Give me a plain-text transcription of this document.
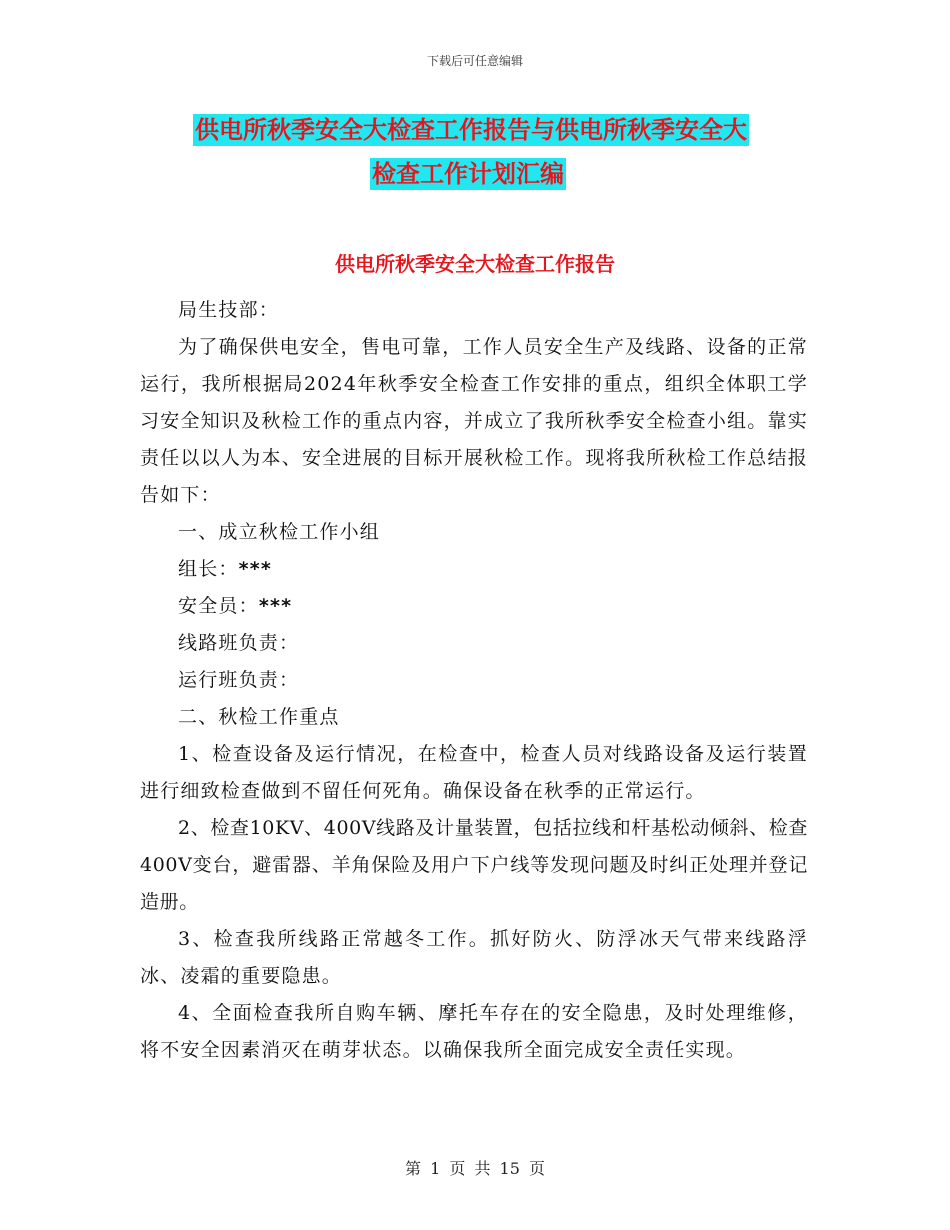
下载后可任意编辑
供电所秋季安全大检查工作报告与供电所秋季安全大
检查工作计划汇编
供电所秋季安全大检查工作报告

局生技部：

为了确保供电安全，售电可靠，工作人员安全生产及线路、设备的正常运行，我所根据局2024年秋季安全检查工作安排的重点，组织全体职工学习安全知识及秋检工作的重点内容，并成立了我所秋季安全检查小组。靠实责任以以人为本、安全进展的目标开展秋检工作。现将我所秋检工作总结报告如下：

一、成立秋检工作小组

组长：***

安全员：***

线路班负责：

运行班负责：

二、秋检工作重点

1、检查设备及运行情况，在检查中，检查人员对线路设备及运行装置进行细致检查做到不留任何死角。确保设备在秋季的正常运行。

2、检查10KV、400V线路及计量装置，包括拉线和杆基松动倾斜、检查400V变台，避雷器、羊角保险及用户下户线等发现问题及时纠正处理并登记造册。

3、检查我所线路正常越冬工作。抓好防火、防浮冰天气带来线路浮冰、凌霜的重要隐患。

4、全面检查我所自购车辆、摩托车存在的安全隐患，及时处理维修，将不安全因素消灭在萌芽状态。以确保我所全面完成安全责任实现。

第 1 页 共 15 页
